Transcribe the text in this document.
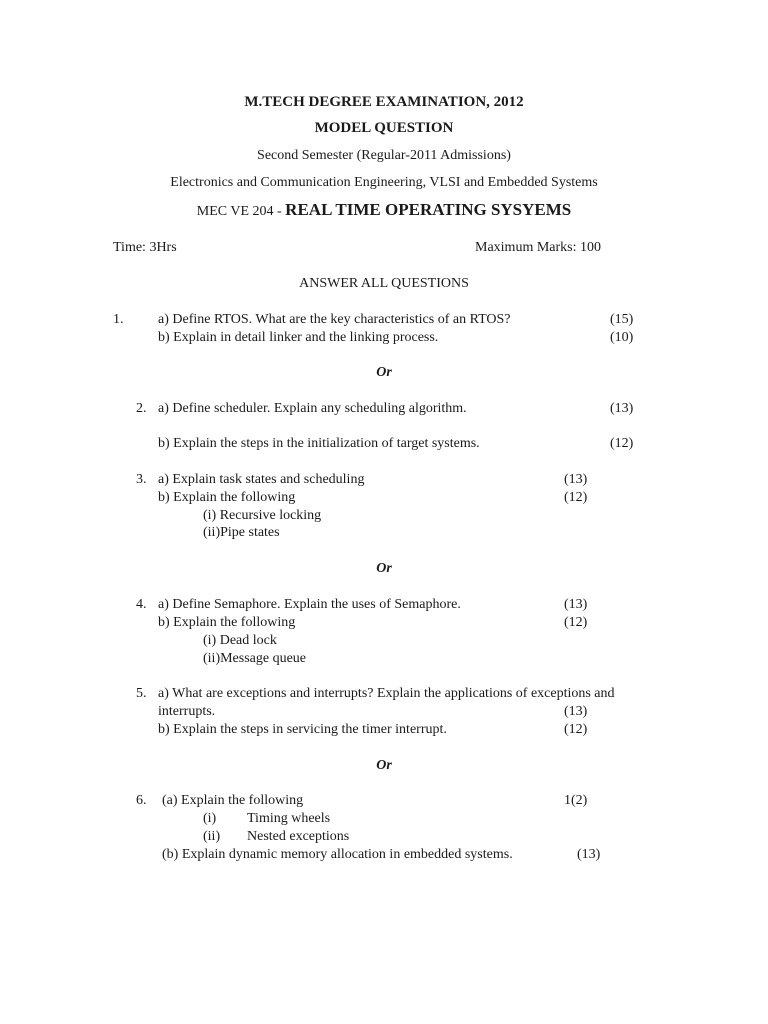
M.TECH DEGREE EXAMINATION, 2012
MODEL QUESTION
Second Semester (Regular-2011 Admissions)
Electronics and Communication Engineering, VLSI and Embedded Systems
MEC VE 204 - REAL TIME OPERATING SYSYEMS
Time: 3Hrs	Maximum Marks: 100
ANSWER ALL QUESTIONS
1. a) Define RTOS. What are the key characteristics of an RTOS?	(15)
b) Explain in detail linker and the linking process.	(10)
Or
2. a) Define scheduler. Explain any scheduling algorithm.	(13)
b) Explain the steps in the initialization of target systems.	(12)
3. a) Explain task states and scheduling	(13)
b) Explain the following	(12)
(i) Recursive locking
(ii)Pipe states
Or
4. a) Define Semaphore. Explain the uses of Semaphore.	(13)
b) Explain the following	(12)
(i) Dead lock
(ii)Message queue
5. a) What are exceptions and interrupts? Explain the applications of exceptions and
interrupts.	(13)
b) Explain the steps in servicing the timer interrupt.	(12)
Or
6. (a) Explain the following	1(2)
(i) Timing wheels
(ii) Nested exceptions
(b) Explain dynamic memory allocation in embedded systems.	(13)
